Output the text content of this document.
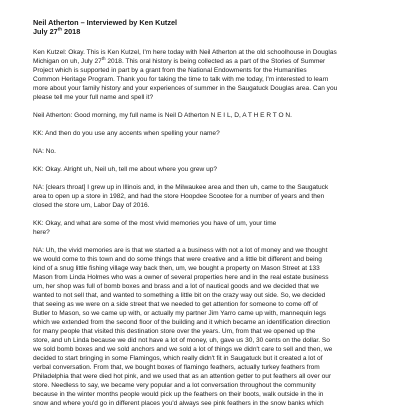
Neil Atherton – Interviewed by Ken Kutzel

July 27th 2018

Ken Kutzel: Okay. This is Ken Kutzel, I'm here today with Neil Atherton at the old schoolhouse in Douglas
Michigan on uh, July 27th 2018. This oral history is being collected as a part of the Stories of Summer
Project which is supported in part by a grant from the National Endowments for the Humanities
Common Heritage Program. Thank you for taking the time to talk with me today, I'm interested to learn
more about your family history and your experiences of summer in the Saugatuck Douglas area. Can you
please tell me your full name and spell it?

Neil Atherton: Good morning, my full name is Neil D Atherton N E I L, D, A T H E R T O N.

KK: And then do you use any accents when spelling your name?

NA: No.

KK: Okay. Alright uh, Neil uh, tell me about where you grew up?

NA: [clears throat] I grew up in Illinois and, in the Milwaukee area and then uh, came to the Saugatuck
area to open up a store in 1982, and had the store Hoopdee Scootee for a number of years and then
closed the store um, Labor Day of 2016.

KK: Okay, and what are some of the most vivid memories you have of um, your time
here?

NA: Uh, the vivid memories are is that we started a a business with not a lot of money and we thought
we would come to this town and do some things that were creative and a little bit different and being
kind of a snug little fishing village way back then, um, we bought a property on Mason Street at 133
Mason from Linda Holmes who was a owner of several properties here and in the real estate business
um, her shop was full of bomb boxes and brass and a lot of nautical goods and we decided that we
wanted to not sell that, and wanted to something a little bit on the crazy way out side. So, we decided
that seeing as we were on a side street that we needed to get attention for someone to come off of
Butler to Mason, so we came up with, or actually my partner Jim Yarro came up with, mannequin legs
which we extended from the second floor of the building and it which became an identification direction
for many people that visited this destination store over the years. Um, from that we opened up the
store, and uh Linda because we did not have a lot of money, uh, gave us 30, 30 cents on the dollar. So
we sold bomb boxes and we sold anchors and we sold a lot of things we didn't care to sell and then, we
decided to start bringing in some Flamingos, which really didn't fit in Saugatuck but it created a lot of
verbal conversation. From that, we bought boxes of flamingo feathers, actually turkey feathers from
Philadelphia that were died hot pink, and we used that as an attention getter to put feathers all over our
store. Needless to say, we became very popular and a lot conversation throughout the community
because in the winter months people would pick up the feathers on their boots, walk outside in the in
snow and where you'd go in different places you'd always see pink feathers in the snow banks which
